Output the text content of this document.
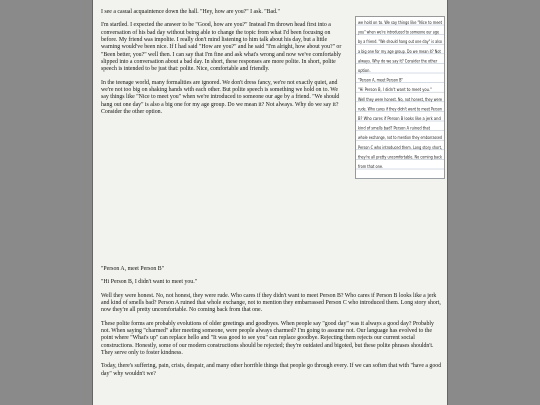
I see a casual acquaintence down the hall. "Hey, how are you?" I ask. "Bad."

I'm startled. I expected the answer to be "Good, how are you?" Instead I'm thrown head first into a conversation of his bad day without being able to change the topic from what I'd been focusing on before. My friend was impolite. I really don't mind listening to him talk about his day, but a little warning would've been nice. If I had said "How are you?" and he said "I'm alright, how about you?" or "Been better, you?" well then. I can say that I'm fine and ask what's wrong and now we've comfortably slipped into a conversation about a bad day. In short, these responses are more polite. In short, polite speech is intended to be just that: polite. Nice, comfortable and friendly.

In the teenage world, many formalities are ignored. We don't dress fancy, we're not exactly quiet, and we're not too big on shaking hands with each other. But polite speech is something we hold on to. We say things like "Nice to meet you" when we're introduced to someone our age by a friend. "We should hang out one day" is also a big one for my age group. Do we mean it? Not always. Why do we say it? Consider the other option.

we hold on to. We say things like "Nice to meet
you" when we're introduced to someone our age
by a friend. "We should hang out one day" is also
a big one for my age group. Do we mean it? Not
always. Why do we say it? Consider the other
option.
"Person A, meet Person B"
"Hi Person B, I didn't want to meet you."
Well they were honest. No, not honest, they were
rude. Who cares if they didn't want to meet Person
B? Who cares if Person B looks like a jerk and
kind of smells bad? Person A ruined that
whole exchange, not to mention they embarrassed
Person C who introduced them. Long story short,
they're all pretty uncomfortable. No coming back
from that one.

"Person A, meet Person B"

"Hi Person B, I didn't want to meet you."

Well they were honest. No, not honest, they were rude. Who cares if they didn't want to meet Person B? Who cares if Person B looks like a jerk and kind of smells bad? Person A ruined that whole exchange, not to mention they embarrassed Person C who introduced them. Long story short, now they're all pretty uncomfortable. No coming back from that one.

These polite forms are probably evolutions of older greetings and goodbyes. When people say "good day" was it always a good day? Probably not. When saying "charmed" after meeting someone, were people always charmed? I'm going to assume not. Our language has evolved to the point where "What's up" can replace hello and "It was good to see you" can replace goodbye. Rejecting them rejects our current social constructions. Honestly, some of our modern constructions should be rejected; they're outdated and bigoted, but these polite phrases shouldn't. They serve only to foster kindness.

Today, there's suffering, pain, crisis, despair, and many other horrible things that people go through every. If we can soften that with "have a good day" why wouldn't we?
